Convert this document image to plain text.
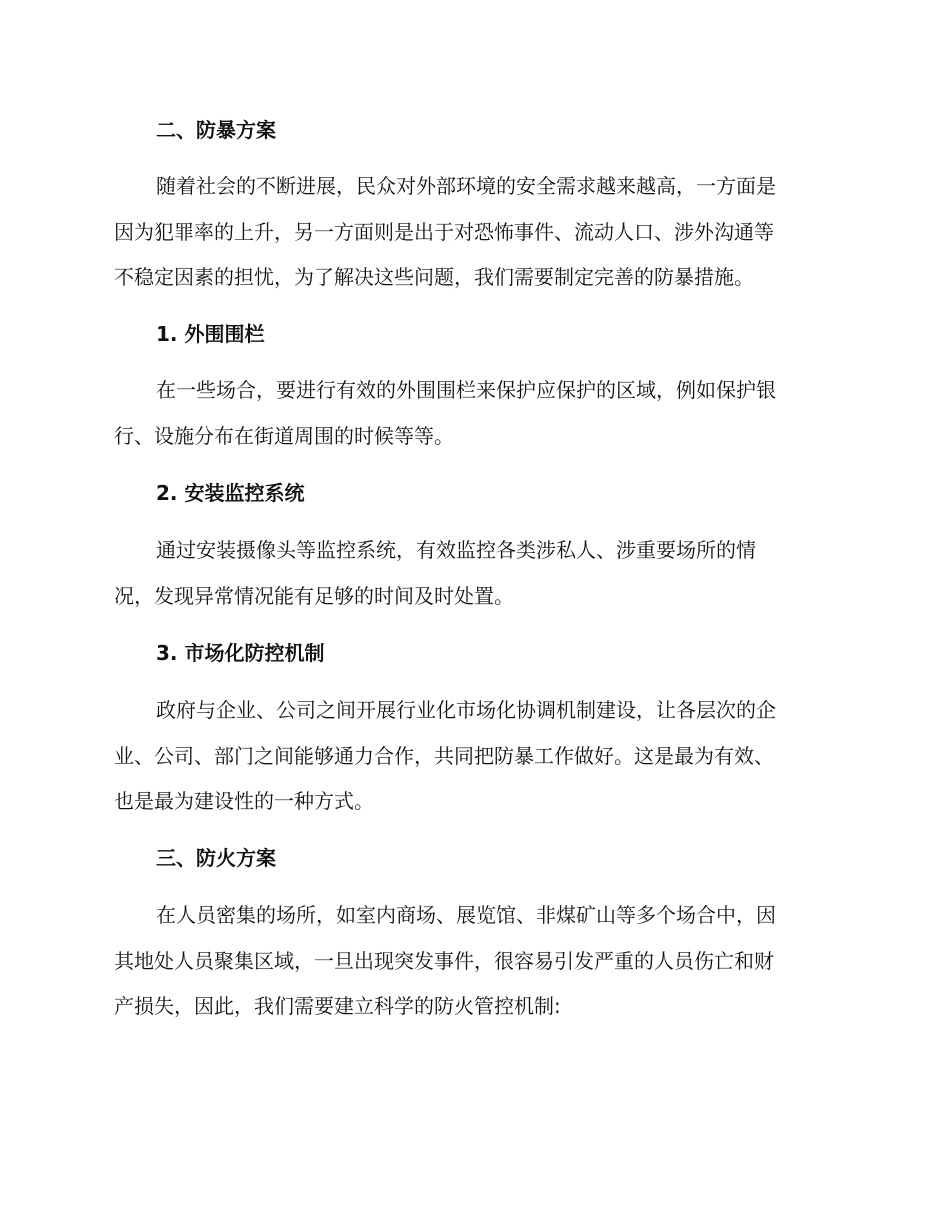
二、防暴方案

随着社会的不断进展，民众对外部环境的安全需求越来越高，一方面是
因为犯罪率的上升，另一方面则是出于对恐怖事件、流动人口、涉外沟通等
不稳定因素的担忧，为了解决这些问题，我们需要制定完善的防暴措施。

1. 外围围栏

在一些场合，要进行有效的外围围栏来保护应保护的区域，例如保护银
行、设施分布在街道周围的时候等等。

2. 安装监控系统

通过安装摄像头等监控系统，有效监控各类涉私人、涉重要场所的情
况，发现异常情况能有足够的时间及时处置。

3. 市场化防控机制

政府与企业、公司之间开展行业化市场化协调机制建设，让各层次的企
业、公司、部门之间能够通力合作，共同把防暴工作做好。这是最为有效、
也是最为建设性的一种方式。

三、防火方案

在人员密集的场所，如室内商场、展览馆、非煤矿山等多个场合中，因
其地处人员聚集区域，一旦出现突发事件，很容易引发严重的人员伤亡和财
产损失，因此，我们需要建立科学的防火管控机制:
